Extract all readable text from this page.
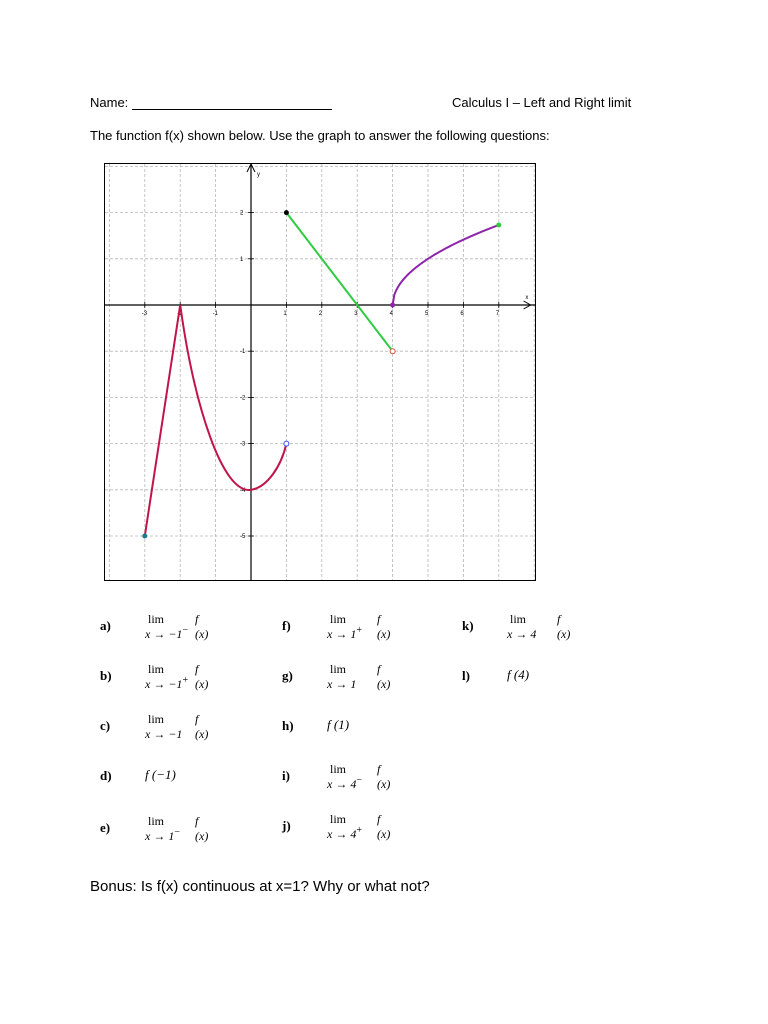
Name:	Calculus I – Left and Right limit
The function f(x) shown below. Use the graph to answer the following questions:
y
x
-3	-2	-1	1	2	3	4	5	6	7
2
1
-1
-2
-3
-4
-5
a)	lim	f (x)
x → −1−
b)	lim	f (x)
x → −1+
c)	lim	f (x)
x → −1
d)	f (−1)
e)	lim	f (x)
x → 1−
f)	lim	f (x)
x → 1+
g)	lim	f (x)
x → 1
h)	f (1)
i)	lim	f (x)
x → 4−
j)	lim	f (x)
x → 4+
k)	lim	f (x)
x → 4
l)	f (4)
Bonus: Is f(x) continuous at x=1? Why or what not?
